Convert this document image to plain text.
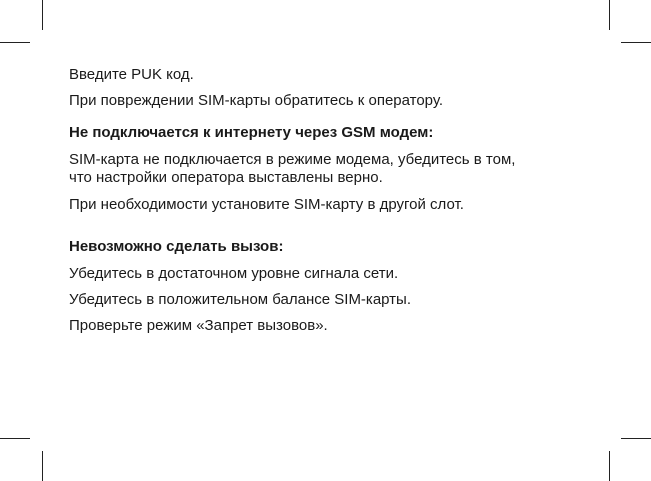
Введите PUK код.

При повреждении SIM-карты обратитесь к оператору.

Не подключается к интернету через GSM модем:

SIM-карта не подключается в режиме модема, убедитесь в том,

что настройки оператора выставлены верно.

При необходимости установите SIM-карту в другой слот.

Невозможно сделать вызов:

Убедитесь в достаточном уровне сигнала сети.

Убедитесь в положительном балансе SIM-карты.

Проверьте режим «Запрет вызовов».
